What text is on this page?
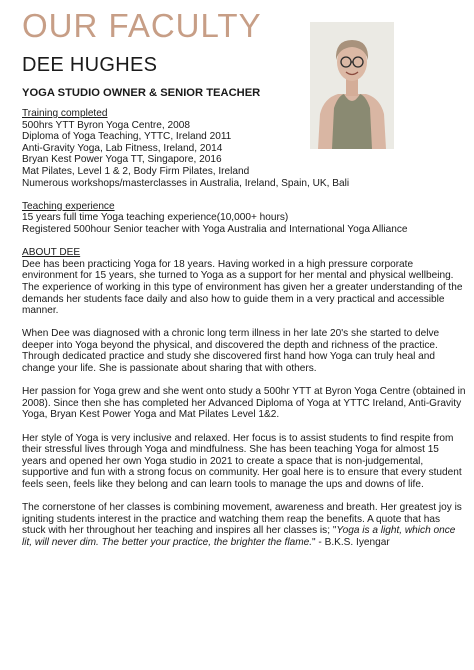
OUR FACULTY
DEE HUGHES
YOGA STUDIO OWNER & SENIOR TEACHER

Training completed

500hrs YTT Byron Yoga Centre, 2008

Diploma of Yoga Teaching, YTTC, Ireland 2011

Anti-Gravity Yoga, Lab Fitness, Ireland, 2014

Bryan Kest Power Yoga TT, Singapore, 2016

Mat Pilates, Level 1 & 2, Body Firm Pilates, Ireland

Numerous workshops/masterclasses in Australia, Ireland, Spain, UK, Bali

Teaching experience

15 years full time Yoga teaching experience(10,000+ hours)

Registered 500hour Senior teacher with Yoga Australia and International Yoga Alliance

ABOUT DEE

Dee has been practicing Yoga for 18 years. Having worked in a high pressure corporate environment for 15 years, she turned to Yoga as a support for her mental and physical wellbeing. The experience of working in this type of environment has given her a greater understanding of the demands her students face daily and also how to guide them in a very practical and accessible manner.

When Dee was diagnosed with a chronic long term illness in her late 20's she started to delve deeper into Yoga beyond the physical, and discovered the depth and richness of the practice. Through dedicated practice and study she discovered first hand how Yoga can truly heal and change your life. She is passionate about sharing that with others.

Her passion for Yoga grew and she went onto study a 500hr YTT at Byron Yoga Centre (obtained in 2008). Since then she has completed her Advanced Diploma of Yoga at YTTC Ireland, Anti-Gravity Yoga, Bryan Kest Power Yoga and Mat Pilates Level 1&2.

Her style of Yoga is very inclusive and relaxed. Her focus is to assist students to find respite from their stressful lives through Yoga and mindfulness. She has been teaching Yoga for almost 15 years and opened her own Yoga studio in 2021 to create a space that is non-judgemental, supportive and fun with a strong focus on community. Her goal here is to ensure that every student feels seen, feels like they belong and can learn tools to manage the ups and downs of life.

The cornerstone of her classes is combining movement, awareness and breath. Her greatest joy is igniting students interest in the practice and watching them reap the benefits. A quote that has stuck with her throughout her teaching and inspires all her classes is; "Yoga is a light, which once lit, will never dim. The better your practice, the brighter the flame." - B.K.S. Iyengar
